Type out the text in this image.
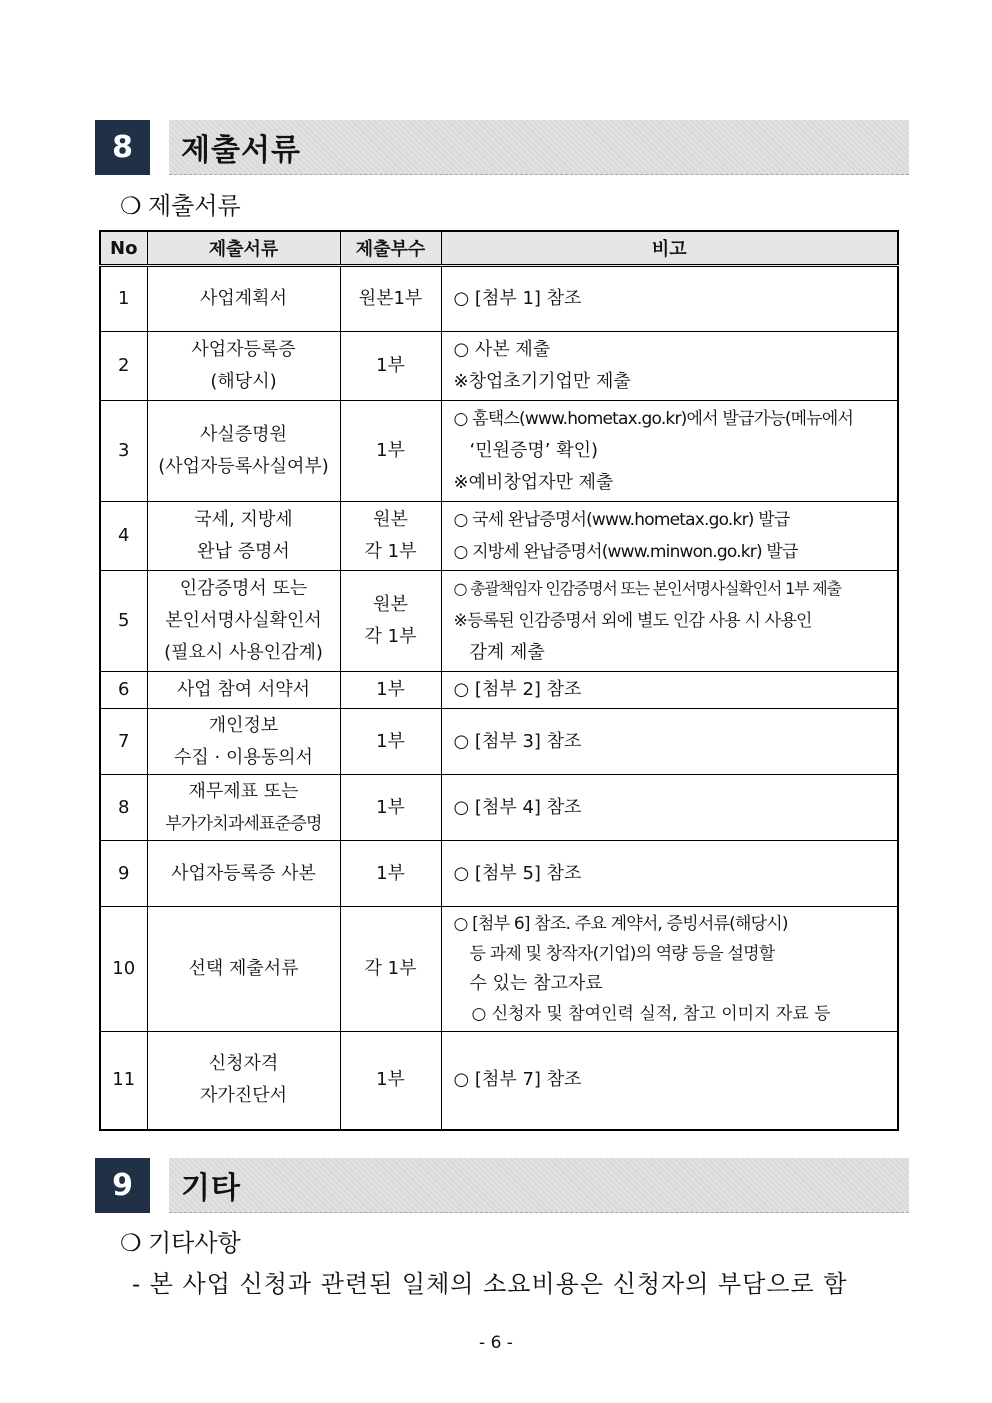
8	제출서류
❍ 제출서류
No	제출서류	제출부수	비고
1	사업계획서	원본1부	○ [첨부 1] 참조
2	사업자등록증
(해당시)	1부	○ 사본 제출
※창업초기기업만 제출
3	사실증명원
(사업자등록사실여부)	1부	○ 홈택스(www.hometax.go.kr)에서 발급가능(메뉴에서

‘민원증명’ 확인)
※예비창업자만 제출
4	국세, 지방세
완납 증명서	원본
각 1부	○ 국세 완납증명서(www.hometax.go.kr) 발급
○ 지방세 완납증명서(www.minwon.go.kr) 발급
5	인감증명서 또는
본인서명사실확인서
(필요시 사용인감계)	원본
각 1부	○ 총괄책임자 인감증명서 또는 본인서명사실확인서 1부 제출
※등록된 인감증명서 외에 별도 인감 사용 시 사용인

감계 제출

6	사업 참여 서약서	1부	○ [첨부 2] 참조
7	개인정보
수집 · 이용동의서	1부	○ [첨부 3] 참조
8	재무제표 또는
부가가치과세표준증명	1부	○ [첨부 4] 참조
9	사업자등록증 사본	1부	○ [첨부 5] 참조
10	선택 제출서류	각 1부	○ [첨부 6] 참조. 주요 계약서, 증빙서류(해당시)

등 과제 및 창작자(기업)의 역량 등을 설명할
수 있는 참고자료
○ 신청자 및 참여인력 실적, 참고 이미지 자료 등

11	신청자격
자가진단서	1부	○ [첨부 7] 참조
9	기타
❍ 기타사항
- 본 사업 신청과 관련된 일체의 소요비용은 신청자의 부담으로 함
- 6 -
